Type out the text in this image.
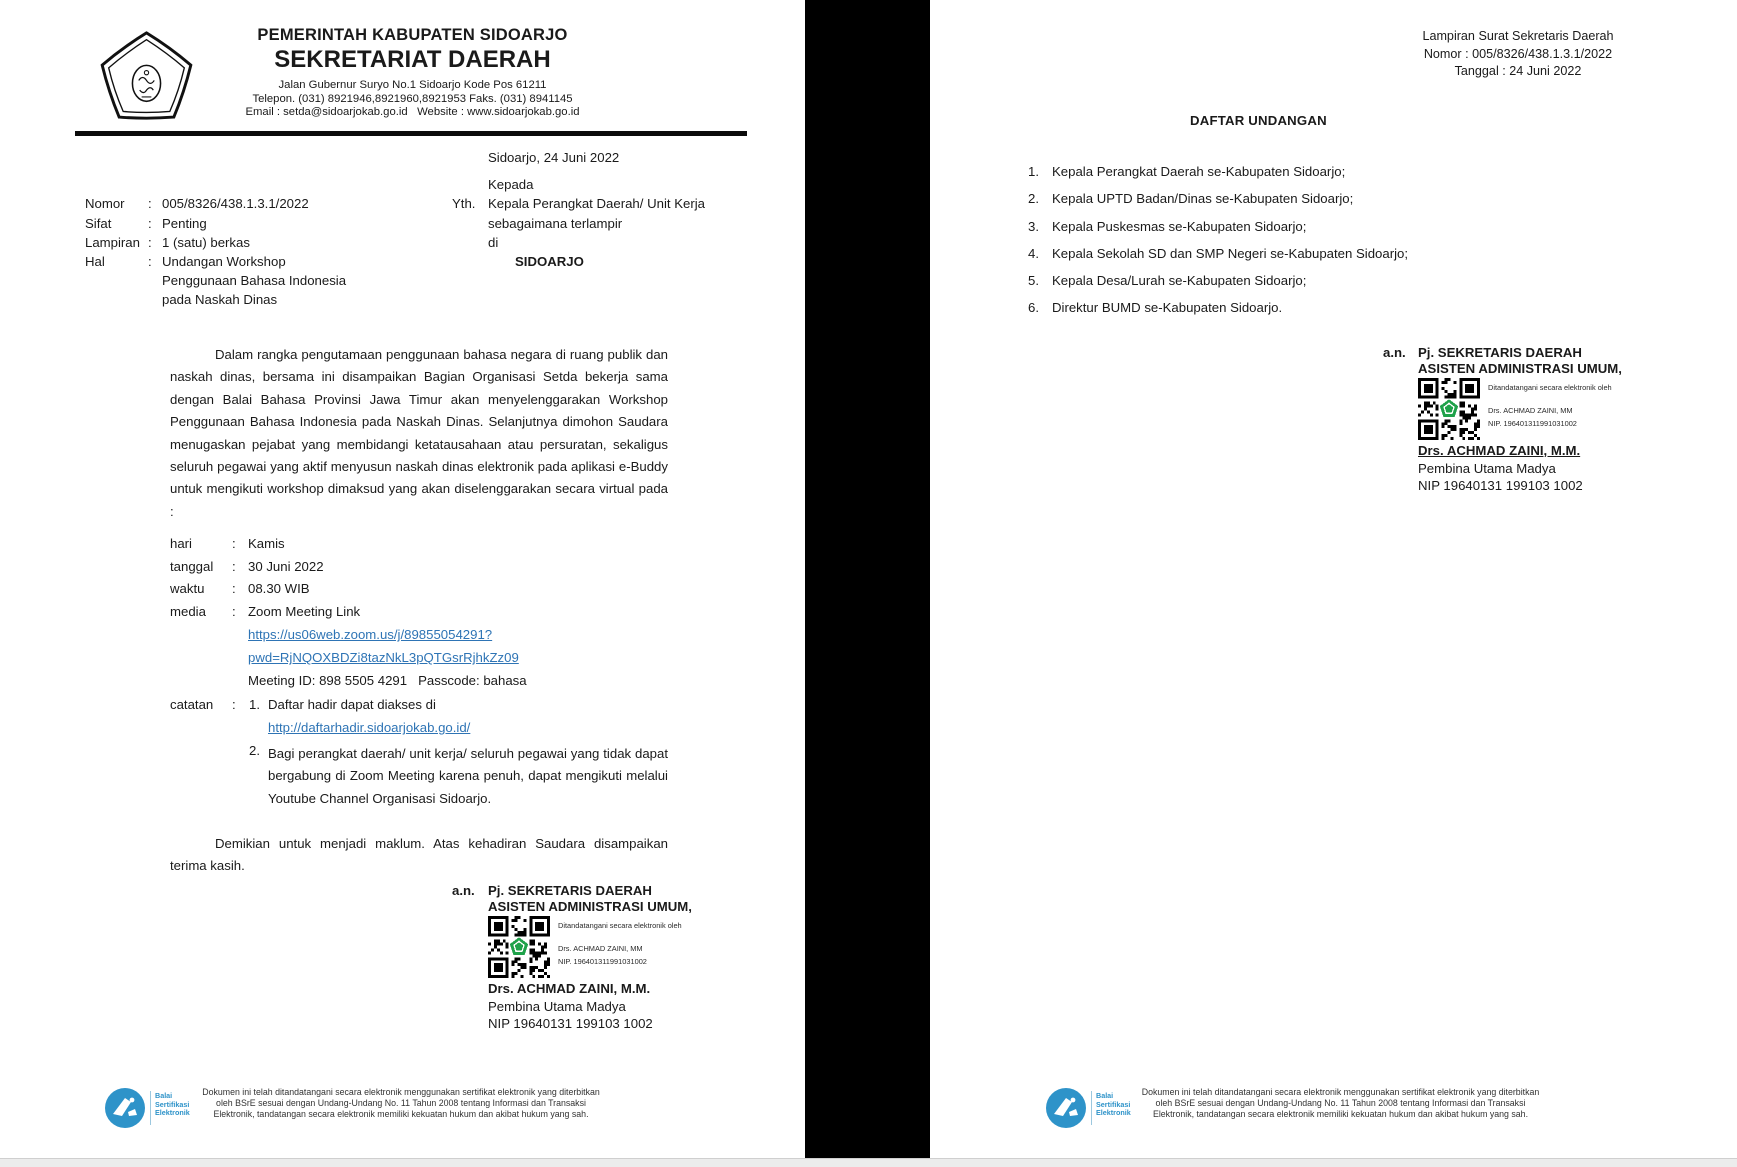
PEMERINTAH KABUPATEN SIDOARJO
SEKRETARIAT DAERAH
Jalan Gubernur Suryo No.1 Sidoarjo Kode Pos 61211
Telepon. (031) 8921946,8921960,8921953 Faks. (031) 8941145
Email : setda@sidoarjokab.go.id   Website : www.sidoarjokab.go.id
Sidoarjo, 24 Juni 2022
Kepada
Yth. Kepala Perangkat Daerah/ Unit Kerja
sebagaimana terlampir
di
SIDOARJO
Nomor : 005/8326/438.1.3.1/2022
Sifat	: Penting
Lampiran : 1 (satu) berkas
Hal	: Undangan Workshop
Penggunaan Bahasa Indonesia
pada Naskah Dinas
Dalam rangka pengutamaan penggunaan bahasa negara di ruang publik dan naskah dinas, bersama ini disampaikan Bagian Organisasi Setda bekerja sama dengan Balai Bahasa Provinsi Jawa Timur akan menyelenggarakan Workshop Penggunaan Bahasa Indonesia pada Naskah Dinas. Selanjutnya dimohon Saudara menugaskan pejabat yang membidangi ketatausahaan atau persuratan, sekaligus seluruh pegawai yang aktif menyusun naskah dinas elektronik pada aplikasi e-Buddy untuk mengikuti workshop dimaksud yang akan diselenggarakan secara virtual pada :
hari	: Kamis
tanggal : 30 Juni 2022
waktu : 08.30 WIB
media : Zoom Meeting Link
https://us06web.zoom.us/j/89855054291?
pwd=RjNQOXBDZi8tazNkL3pQTGsrRjhkZz09
Meeting ID: 898 5505 4291   Passcode: bahasa
catatan : 1. Daftar hadir dapat diakses di
http://daftarhadir.sidoarjokab.go.id/
2. Bagi perangkat daerah/ unit kerja/ seluruh pegawai yang tidak dapat bergabung di Zoom Meeting karena penuh, dapat mengikuti melalui Youtube Channel Organisasi Sidoarjo.
Demikian untuk menjadi maklum. Atas kehadiran Saudara disampaikan terima kasih.
a.n. Pj. SEKRETARIS DAERAH
ASISTEN ADMINISTRASI UMUM,
Ditandatangani secara elektronik oleh
Drs. ACHMAD ZAINI, MM
NIP. 196401311991031002
Drs. ACHMAD ZAINI, M.M.
Pembina Utama Madya
NIP 19640131 199103 1002
Balai
Sertifikasi
Elektronik
Dokumen ini telah ditandatangani secara elektronik menggunakan sertifikat elektronik yang diterbitkan oleh BSrE sesuai dengan Undang-Undang No. 11 Tahun 2008 tentang Informasi dan Transaksi Elektronik, tandatangan secara elektronik memiliki kekuatan hukum dan akibat hukum yang sah.
Lampiran Surat Sekretaris Daerah
Nomor : 005/8326/438.1.3.1/2022
Tanggal : 24 Juni 2022
DAFTAR UNDANGAN
1. Kepala Perangkat Daerah se-Kabupaten Sidoarjo;
2. Kepala UPTD Badan/Dinas se-Kabupaten Sidoarjo;
3. Kepala Puskesmas se-Kabupaten Sidoarjo;
4. Kepala Sekolah SD dan SMP Negeri se-Kabupaten Sidoarjo;
5. Kepala Desa/Lurah se-Kabupaten Sidoarjo;
6. Direktur BUMD se-Kabupaten Sidoarjo.
a.n. Pj. SEKRETARIS DAERAH
ASISTEN ADMINISTRASI UMUM,
Ditandatangani secara elektronik oleh
Drs. ACHMAD ZAINI, MM
NIP. 196401311991031002
Drs. ACHMAD ZAINI, M.M.
Pembina Utama Madya
NIP 19640131 199103 1002
Balai
Sertifikasi
Elektronik
Dokumen ini telah ditandatangani secara elektronik menggunakan sertifikat elektronik yang diterbitkan oleh BSrE sesuai dengan Undang-Undang No. 11 Tahun 2008 tentang Informasi dan Transaksi Elektronik, tandatangan secara elektronik memiliki kekuatan hukum dan akibat hukum yang sah.
